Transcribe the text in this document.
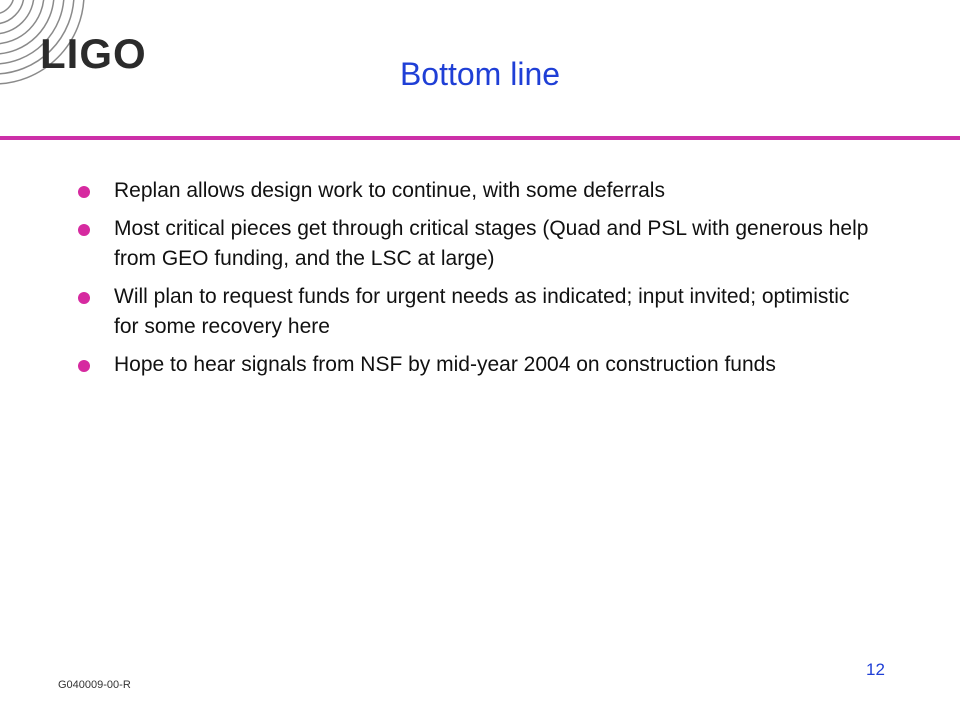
LIGO	Bottom line
Replan allows design work to continue, with some deferrals
Most critical pieces get through critical stages (Quad and PSL with generous help from GEO funding, and the LSC at large)
Will plan to request funds for urgent needs as indicated; input invited; optimistic for some recovery here
Hope to hear signals from NSF by mid-year 2004 on construction funds
G040009-00-R
12
